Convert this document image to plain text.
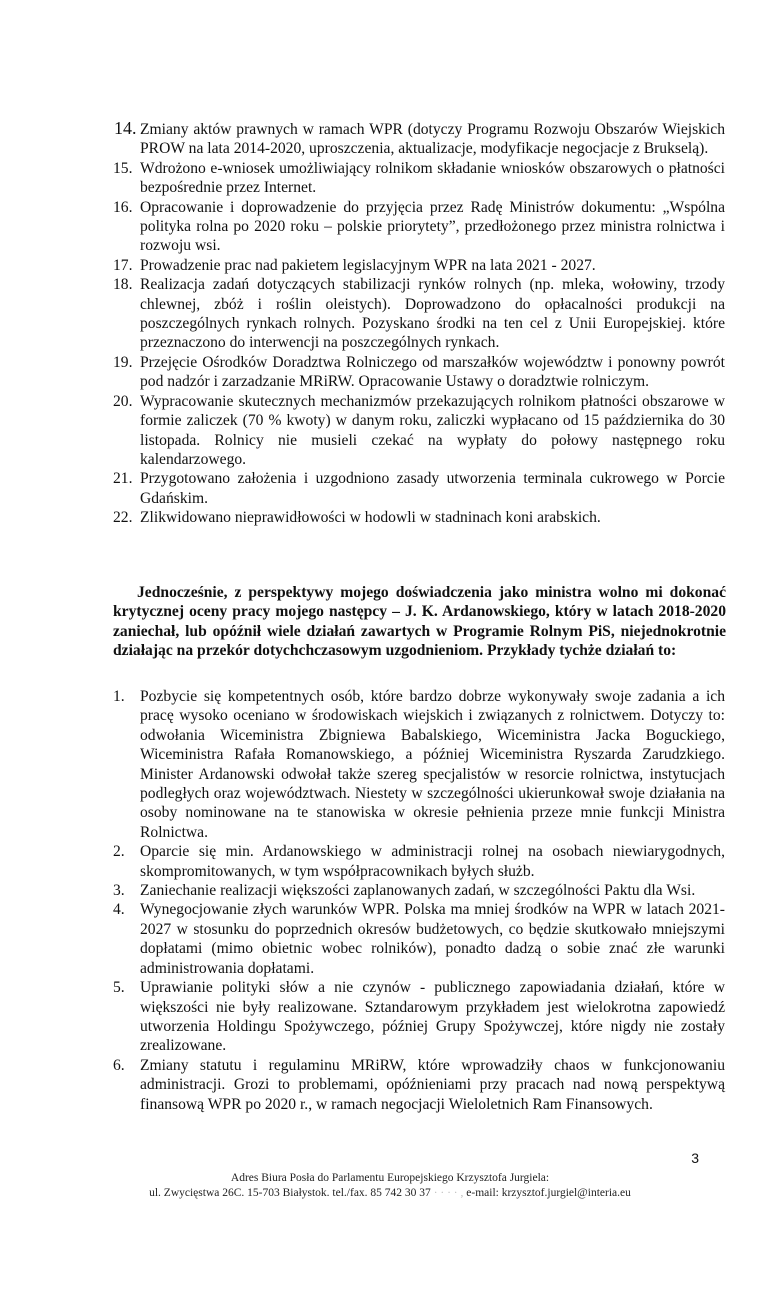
14. Zmiany aktów prawnych w ramach WPR (dotyczy Programu Rozwoju Obszarów Wiejskich PROW na lata 2014-2020, uproszczenia, aktualizacje, modyfikacje negocjacje z Brukselą).
15. Wdrożono e-wniosek umożliwiający rolnikom składanie wniosków obszarowych o płatności bezpośrednie przez Internet.
16. Opracowanie i doprowadzenie do przyjęcia przez Radę Ministrów dokumentu: „Wspólna polityka rolna po 2020 roku – polskie priorytety”, przedłożonego przez ministra rolnictwa i rozwoju wsi.
17. Prowadzenie prac nad pakietem legislacyjnym WPR na lata 2021 - 2027.
18. Realizacja zadań dotyczących stabilizacji rynków rolnych (np. mleka, wołowiny, trzody chlewnej, zbóż i roślin oleistych). Doprowadzono do opłacalności produkcji na poszczególnych rynkach rolnych. Pozyskano środki na ten cel z Unii Europejskiej. które przeznaczono do interwencji na poszczególnych rynkach.
19. Przejęcie Ośrodków Doradztwa Rolniczego od marszałków województw i ponowny powrót pod nadzór i zarzadzanie MRiRW. Opracowanie Ustawy o doradztwie rolniczym.
20. Wypracowanie skutecznych mechanizmów przekazujących rolnikom płatności obszarowe w formie zaliczek (70 % kwoty) w danym roku, zaliczki wypłacano od 15 października do 30 listopada. Rolnicy nie musieli czekać na wypłaty do połowy następnego roku kalendarzowego.
21. Przygotowano założenia i uzgodniono zasady utworzenia terminala cukrowego w Porcie Gdańskim.
22. Zlikwidowano nieprawidłowości w hodowli w stadninach koni arabskich.

Jednocześnie, z perspektywy mojego doświadczenia jako ministra wolno mi dokonać krytycznej oceny pracy mojego następcy – J. K. Ardanowskiego, który w latach 2018-2020 zaniechał, lub opóźnił wiele działań zawartych w Programie Rolnym PiS, niejednokrotnie działając na przekór dotychchczasowym uzgodnieniom. Przykłady tychże działań to:

1. Pozbycie się kompetentnych osób, które bardzo dobrze wykonywały swoje zadania a ich pracę wysoko oceniano w środowiskach wiejskich i związanych z rolnictwem. Dotyczy to: odwołania Wiceministra Zbigniewa Babalskiego, Wiceministra Jacka Boguckiego, Wiceministra Rafała Romanowskiego, a później Wiceministra Ryszarda Zarudzkiego. Minister Ardanowski odwołał także szereg specjalistów w resorcie rolnictwa, instytucjach podległych oraz województwach. Niestety w szczególności ukierunkował swoje działania na osoby nominowane na te stanowiska w okresie pełnienia przeze mnie funkcji Ministra Rolnictwa.
2. Oparcie się min. Ardanowskiego w administracji rolnej na osobach niewiarygodnych, skompromitowanych, w tym współpracownikach byłych służb.
3. Zaniechanie realizacji większości zaplanowanych zadań, w szczególności Paktu dla Wsi.
4. Wynegocjowanie złych warunków WPR. Polska ma mniej środków na WPR w latach 2021-2027 w stosunku do poprzednich okresów budżetowych, co będzie skutkowało mniejszymi dopłatami (mimo obietnic wobec rolników), ponadto dadzą o sobie znać złe warunki administrowania dopłatami.
5. Uprawianie polityki słów a nie czynów - publicznego zapowiadania działań, które w większości nie były realizowane. Sztandarowym przykładem jest wielokrotna zapowiedź utworzenia Holdingu Spożywczego, później Grupy Spożywczej, które nigdy nie zostały zrealizowane.
6. Zmiany statutu i regulaminu MRiRW, które wprowadziły chaos w funkcjonowaniu administracji. Grozi to problemami, opóźnieniami przy pracach nad nową perspektywą finansową WPR po 2020 r., w ramach negocjacji Wieloletnich Ram Finansowych.
3
Adres Biura Posła do Parlamentu Europejskiego Krzysztofa Jurgiela:
ul. Zwycięstwa 26C. 15-703 Białystok. tel./fax. 85 742 30 37 · · · · , e-mail: krzysztof.jurgiel@interia.eu
